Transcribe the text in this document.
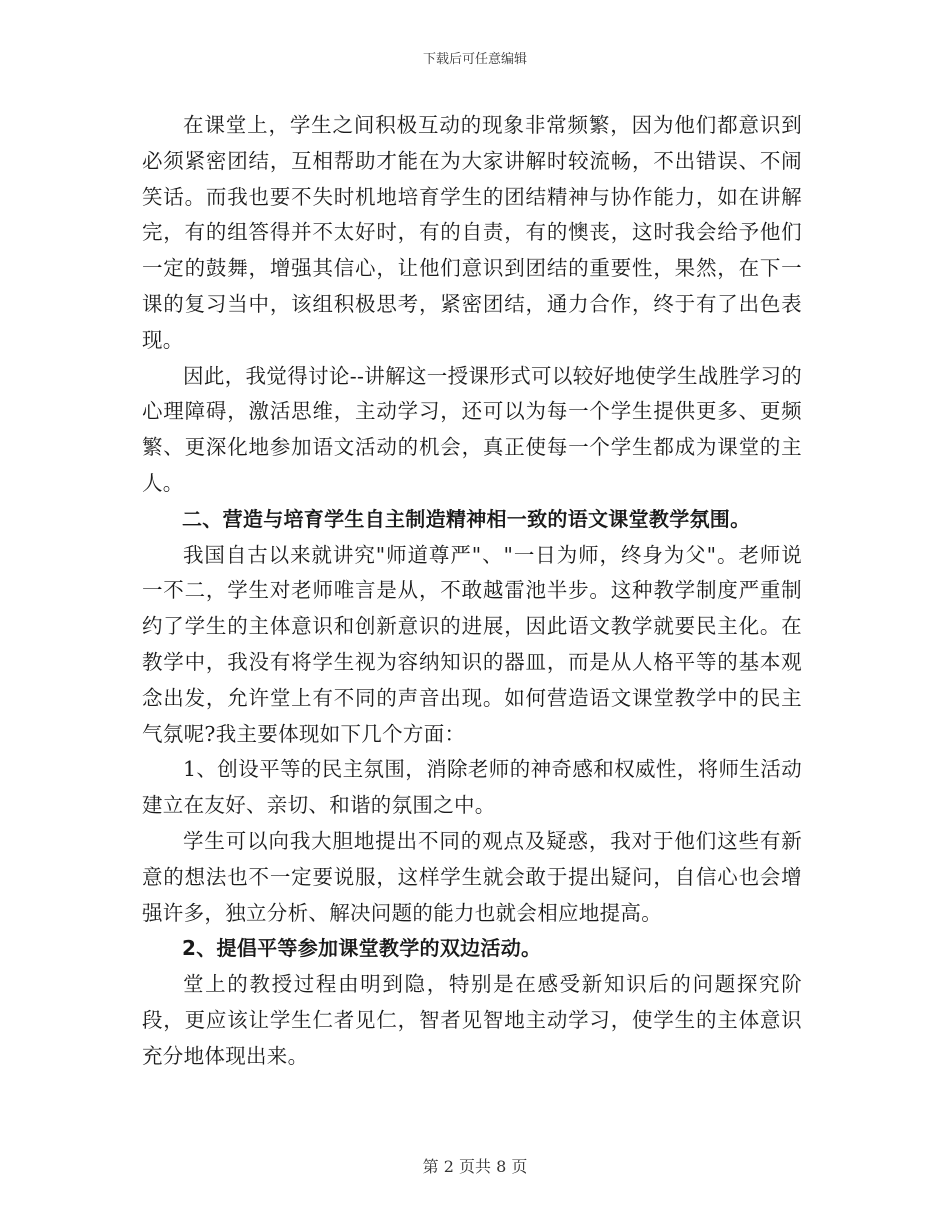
下载后可任意编辑

在课堂上，学生之间积极互动的现象非常频繁，因为他们都意识到必须紧密团结，互相帮助才能在为大家讲解时较流畅，不出错误、不闹笑话。而我也要不失时机地培育学生的团结精神与协作能力，如在讲解完，有的组答得并不太好时，有的自责，有的懊丧，这时我会给予他们一定的鼓舞，增强其信心，让他们意识到团结的重要性，果然，在下一课的复习当中，该组积极思考，紧密团结，通力合作，终于有了出色表现。

因此，我觉得讨论--讲解这一授课形式可以较好地使学生战胜学习的心理障碍，激活思维，主动学习，还可以为每一个学生提供更多、更频繁、更深化地参加语文活动的机会，真正使每一个学生都成为课堂的主人。

二、营造与培育学生自主制造精神相一致的语文课堂教学氛围。

我国自古以来就讲究"师道尊严"、"一日为师，终身为父"。老师说一不二，学生对老师唯言是从，不敢越雷池半步。这种教学制度严重制约了学生的主体意识和创新意识的进展，因此语文教学就要民主化。在教学中，我没有将学生视为容纳知识的器皿，而是从人格平等的基本观念出发，允许堂上有不同的声音出现。如何营造语文课堂教学中的民主气氛呢?我主要体现如下几个方面：

1、创设平等的民主氛围，消除老师的神奇感和权威性，将师生活动建立在友好、亲切、和谐的氛围之中。

学生可以向我大胆地提出不同的观点及疑惑，我对于他们这些有新意的想法也不一定要说服，这样学生就会敢于提出疑问，自信心也会增强许多，独立分析、解决问题的能力也就会相应地提高。

2、提倡平等参加课堂教学的双边活动。

堂上的教授过程由明到隐，特别是在感受新知识后的问题探究阶段，更应该让学生仁者见仁，智者见智地主动学习，使学生的主体意识充分地体现出来。

第 2 页共 8 页
